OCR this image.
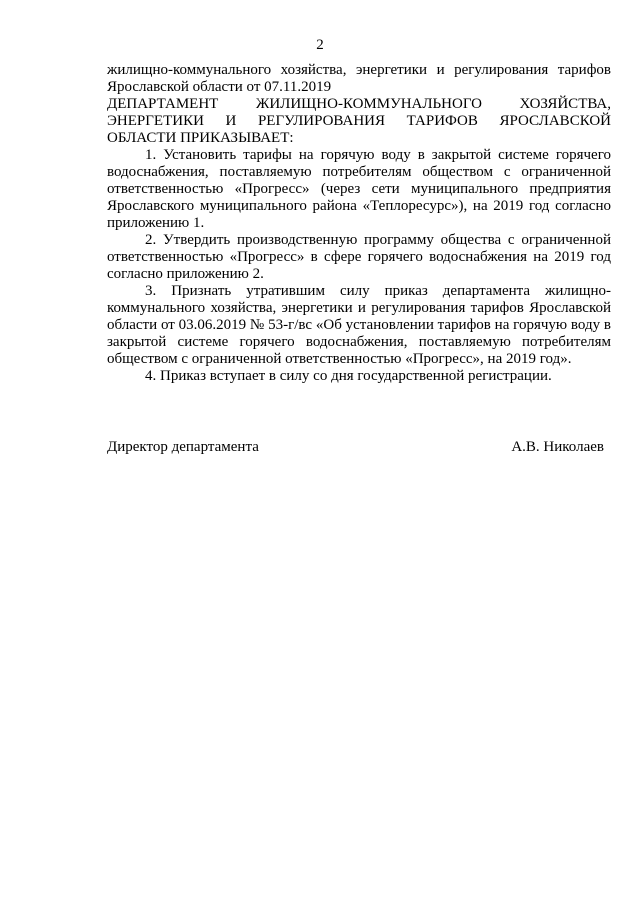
2

жилищно-коммунального хозяйства, энергетики и регулирования тарифов
Ярославской области от 07.11.2019

ДЕПАРТАМЕНТ ЖИЛИЩНО-КОММУНАЛЬНОГО ХОЗЯЙСТВА,
ЭНЕРГЕТИКИ И РЕГУЛИРОВАНИЯ ТАРИФОВ ЯРОСЛАВСКОЙ
ОБЛАСТИ ПРИКАЗЫВАЕТ:

1. Установить тарифы на горячую воду в закрытой системе горячего водоснабжения, поставляемую потребителям обществом с ограниченной ответственностью «Прогресс» (через сети муниципального предприятия Ярославского муниципального района «Теплоресурс»), на 2019 год согласно приложению 1.

2. Утвердить производственную программу общества с ограниченной ответственностью «Прогресс» в сфере горячего водоснабжения на 2019 год согласно приложению 2.

3. Признать утратившим силу приказ департамента жилищно-коммунального хозяйства, энергетики и регулирования тарифов Ярославской области от 03.06.2019 № 53-г/вс «Об установлении тарифов на горячую воду в закрытой системе горячего водоснабжения, поставляемую потребителям обществом с ограниченной ответственностью «Прогресс», на 2019 год».

4. Приказ вступает в силу со дня государственной регистрации.

Директор департамента	А.В. Николаев
